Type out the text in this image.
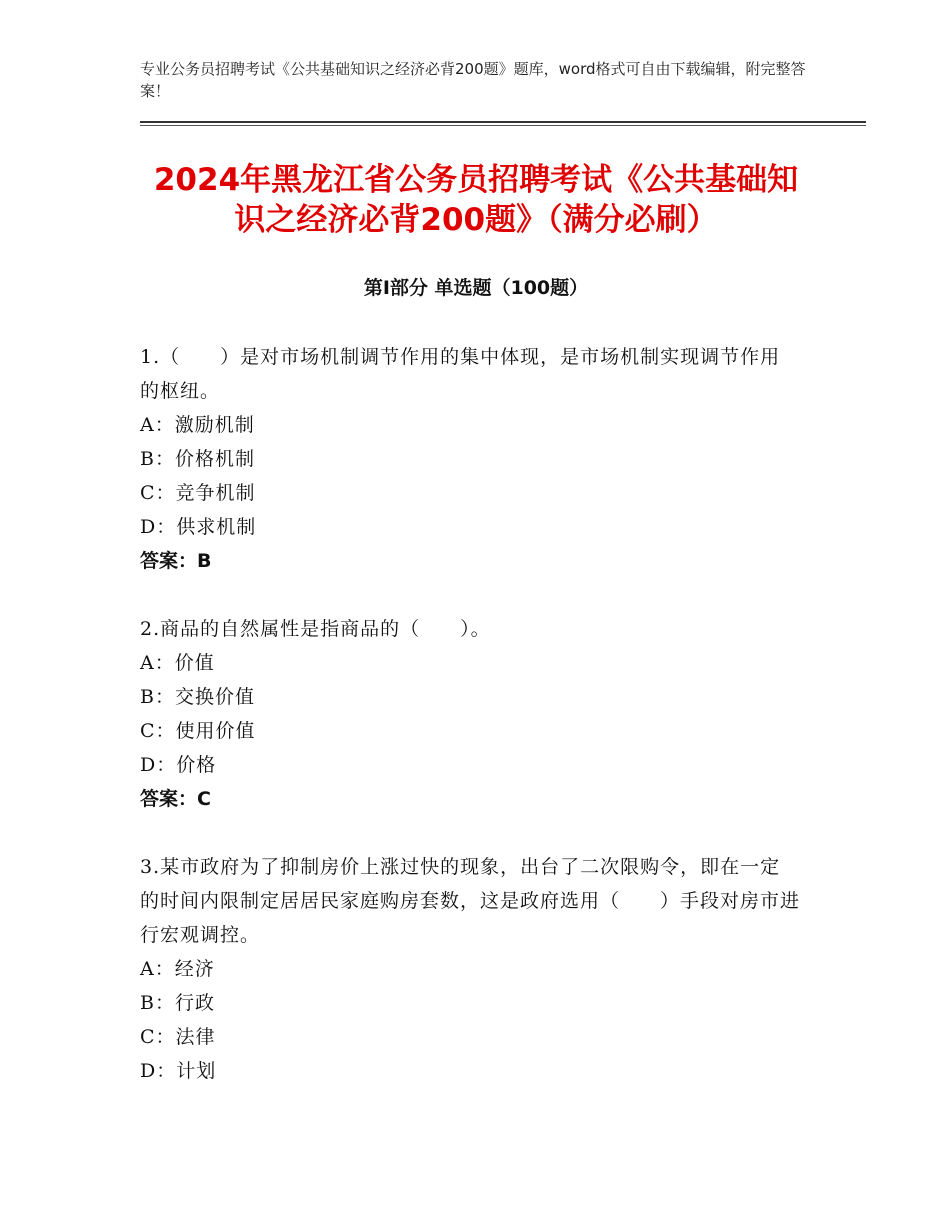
专业公务员招聘考试《公共基础知识之经济必背200题》题库，word格式可自由下载编辑，附完整答案！
2024年黑龙江省公务员招聘考试《公共基础知识之经济必背200题》（满分必刷）
第Ⅰ部分 单选题（100题）
1.（　　）是对市场机制调节作用的集中体现，是市场机制实现调节作用的枢纽。
A：激励机制
B：价格机制
C：竞争机制
D：供求机制
答案：B
2.商品的自然属性是指商品的（　　）。
A：价值
B：交换价值
C：使用价值
D：价格
答案：C
3.某市政府为了抑制房价上涨过快的现象，出台了二次限购令，即在一定的时间内限制定居居民家庭购房套数，这是政府选用（　　）手段对房市进行宏观调控。
A：经济
B：行政
C：法律
D：计划
